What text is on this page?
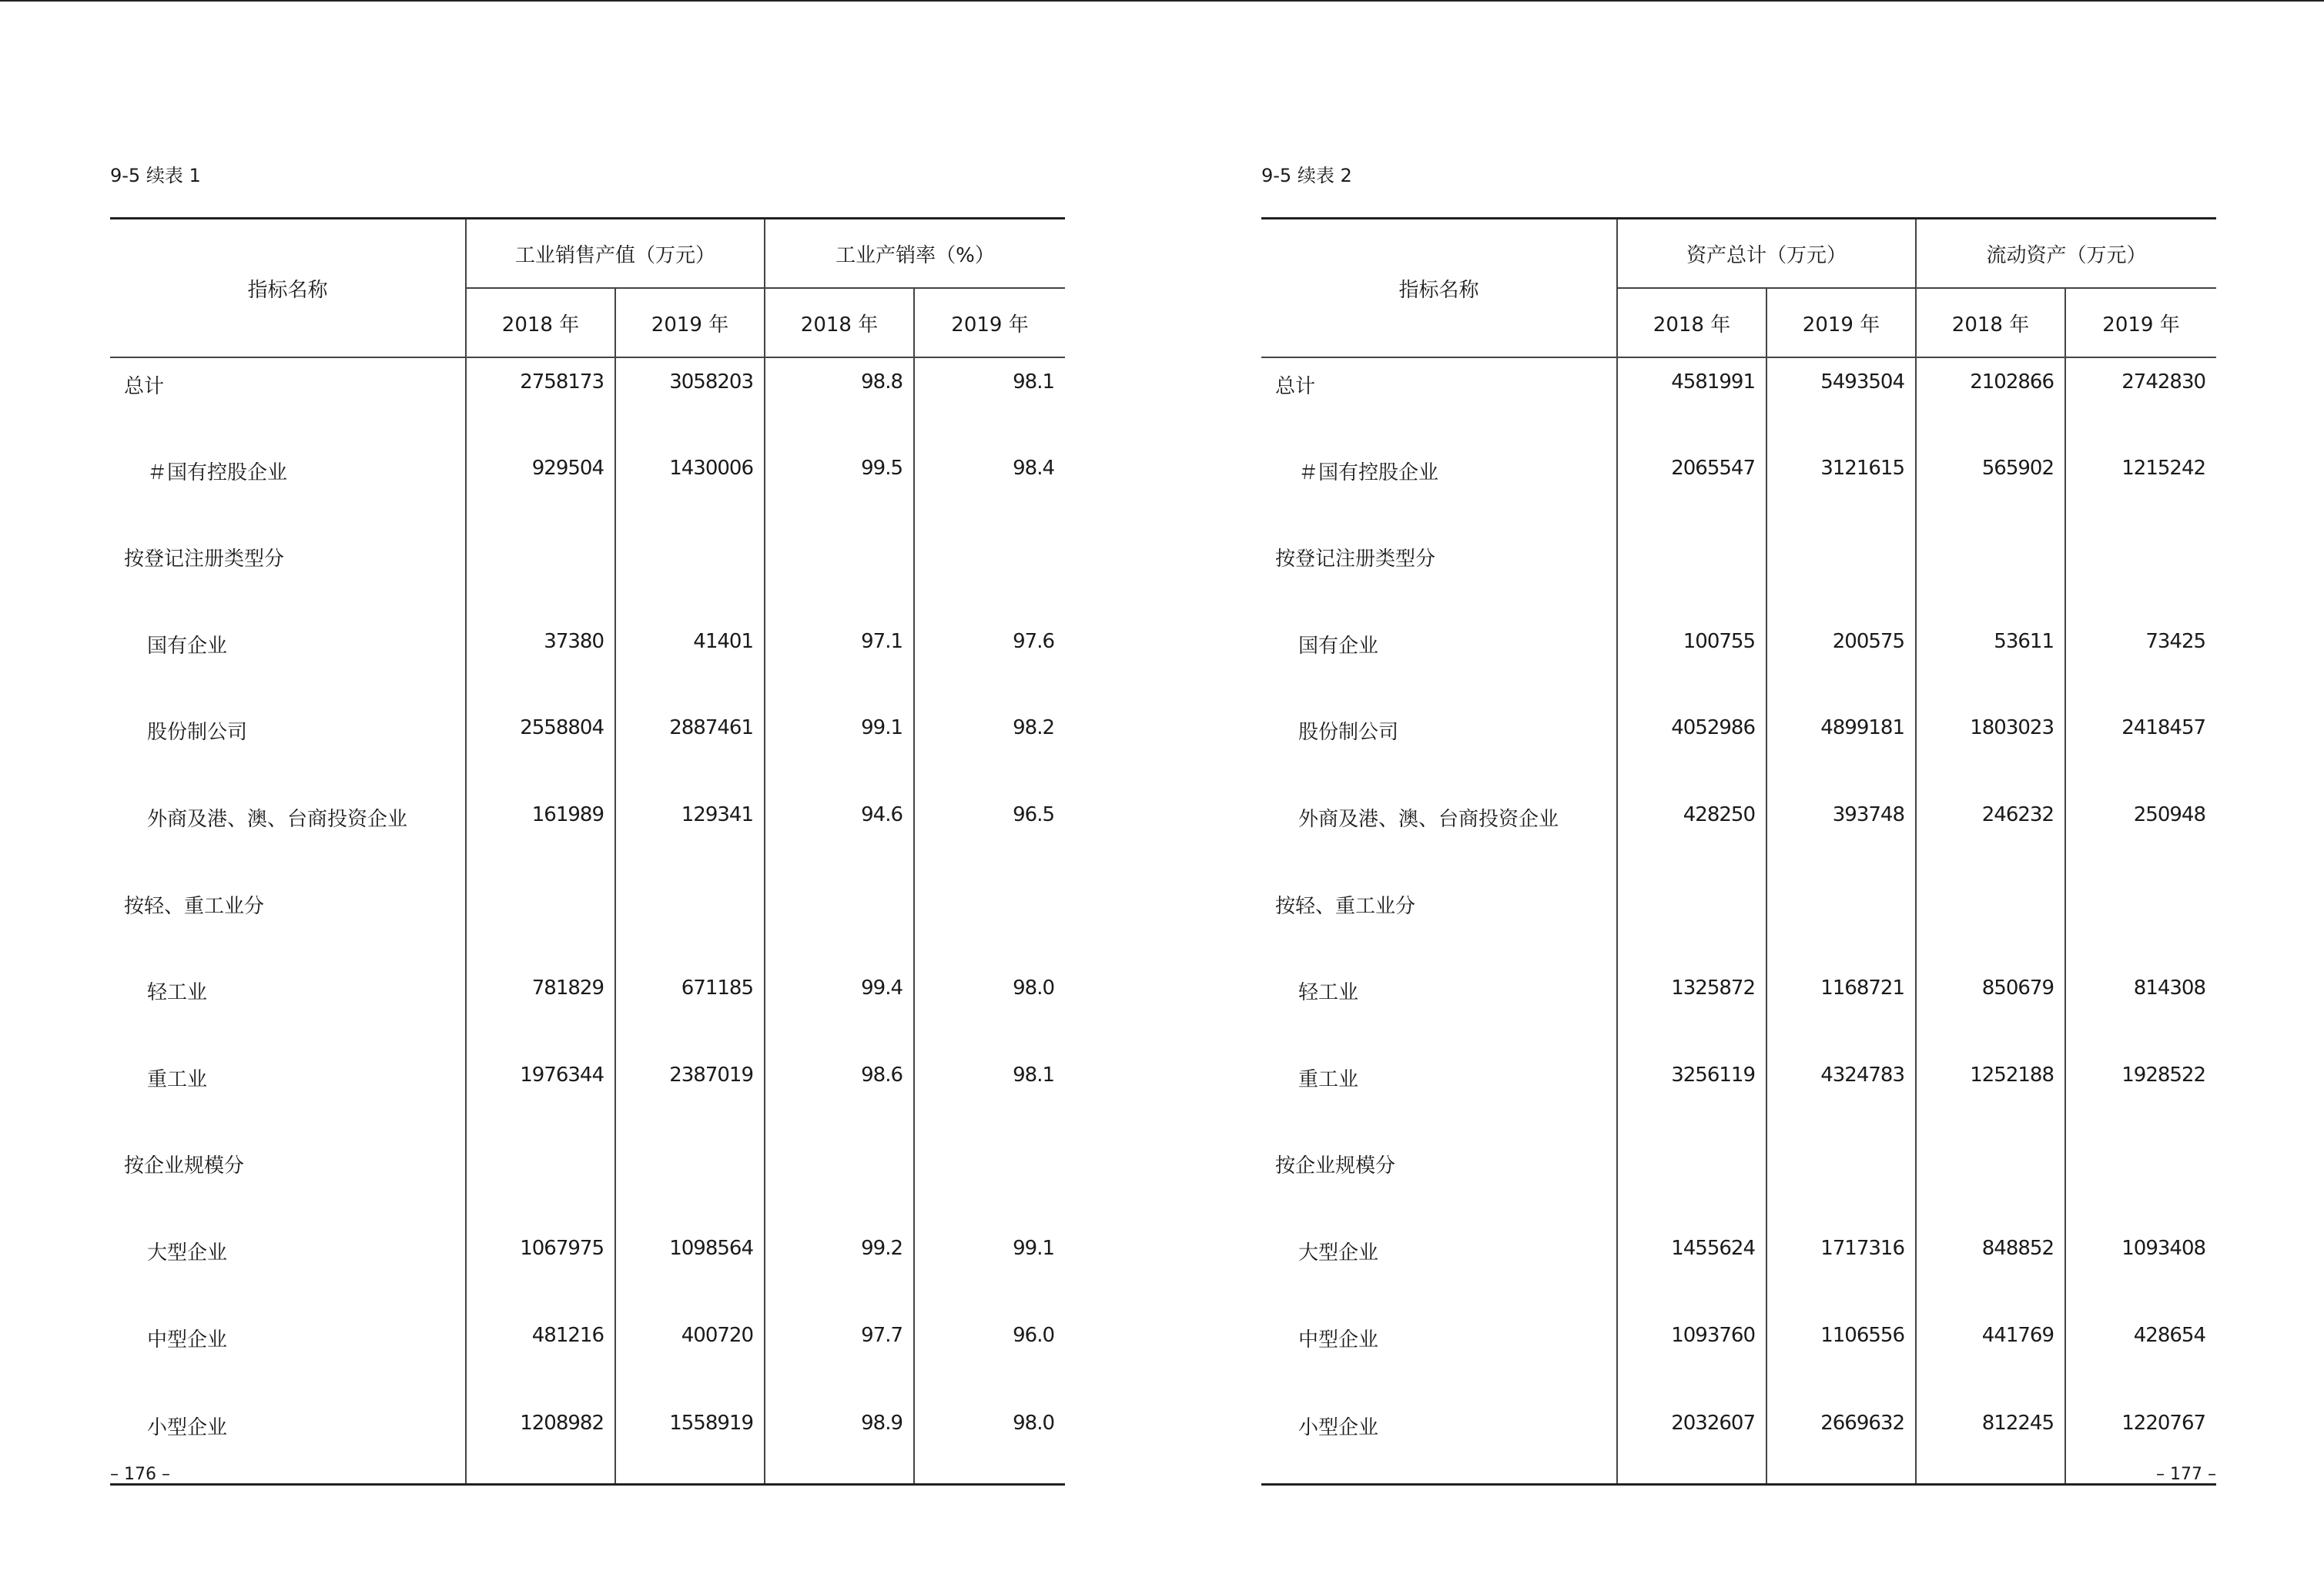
9-5 续表 1
指标名称	工业销售产值（万元）		工业产销率（%）	
	2018 年	2019 年	2018 年	2019 年
总计	2758173	3058203	98.8	98.1
＃国有控股企业	929504	1430006	99.5	98.4
按登记注册类型分				
国有企业	37380	41401	97.1	97.6
股份制公司	2558804	2887461	99.1	98.2
外商及港、澳、台商投资企业	161989	129341	94.6	96.5
按轻、重工业分				
轻工业	781829	671185	99.4	98.0
重工业	1976344	2387019	98.6	98.1
按企业规模分				
大型企业	1067975	1098564	99.2	99.1
中型企业	481216	400720	97.7	96.0
小型企业	1208982	1558919	98.9	98.0
– 176 –
9-5 续表 2
指标名称	资产总计（万元）		流动资产（万元）	
	2018 年	2019 年	2018 年	2019 年
总计	4581991	5493504	2102866	2742830
＃国有控股企业	2065547	3121615	565902	1215242
按登记注册类型分				
国有企业	100755	200575	53611	73425
股份制公司	4052986	4899181	1803023	2418457
外商及港、澳、台商投资企业	428250	393748	246232	250948
按轻、重工业分				
轻工业	1325872	1168721	850679	814308
重工业	3256119	4324783	1252188	1928522
按企业规模分				
大型企业	1455624	1717316	848852	1093408
中型企业	1093760	1106556	441769	428654
小型企业	2032607	2669632	812245	1220767
– 177 –
